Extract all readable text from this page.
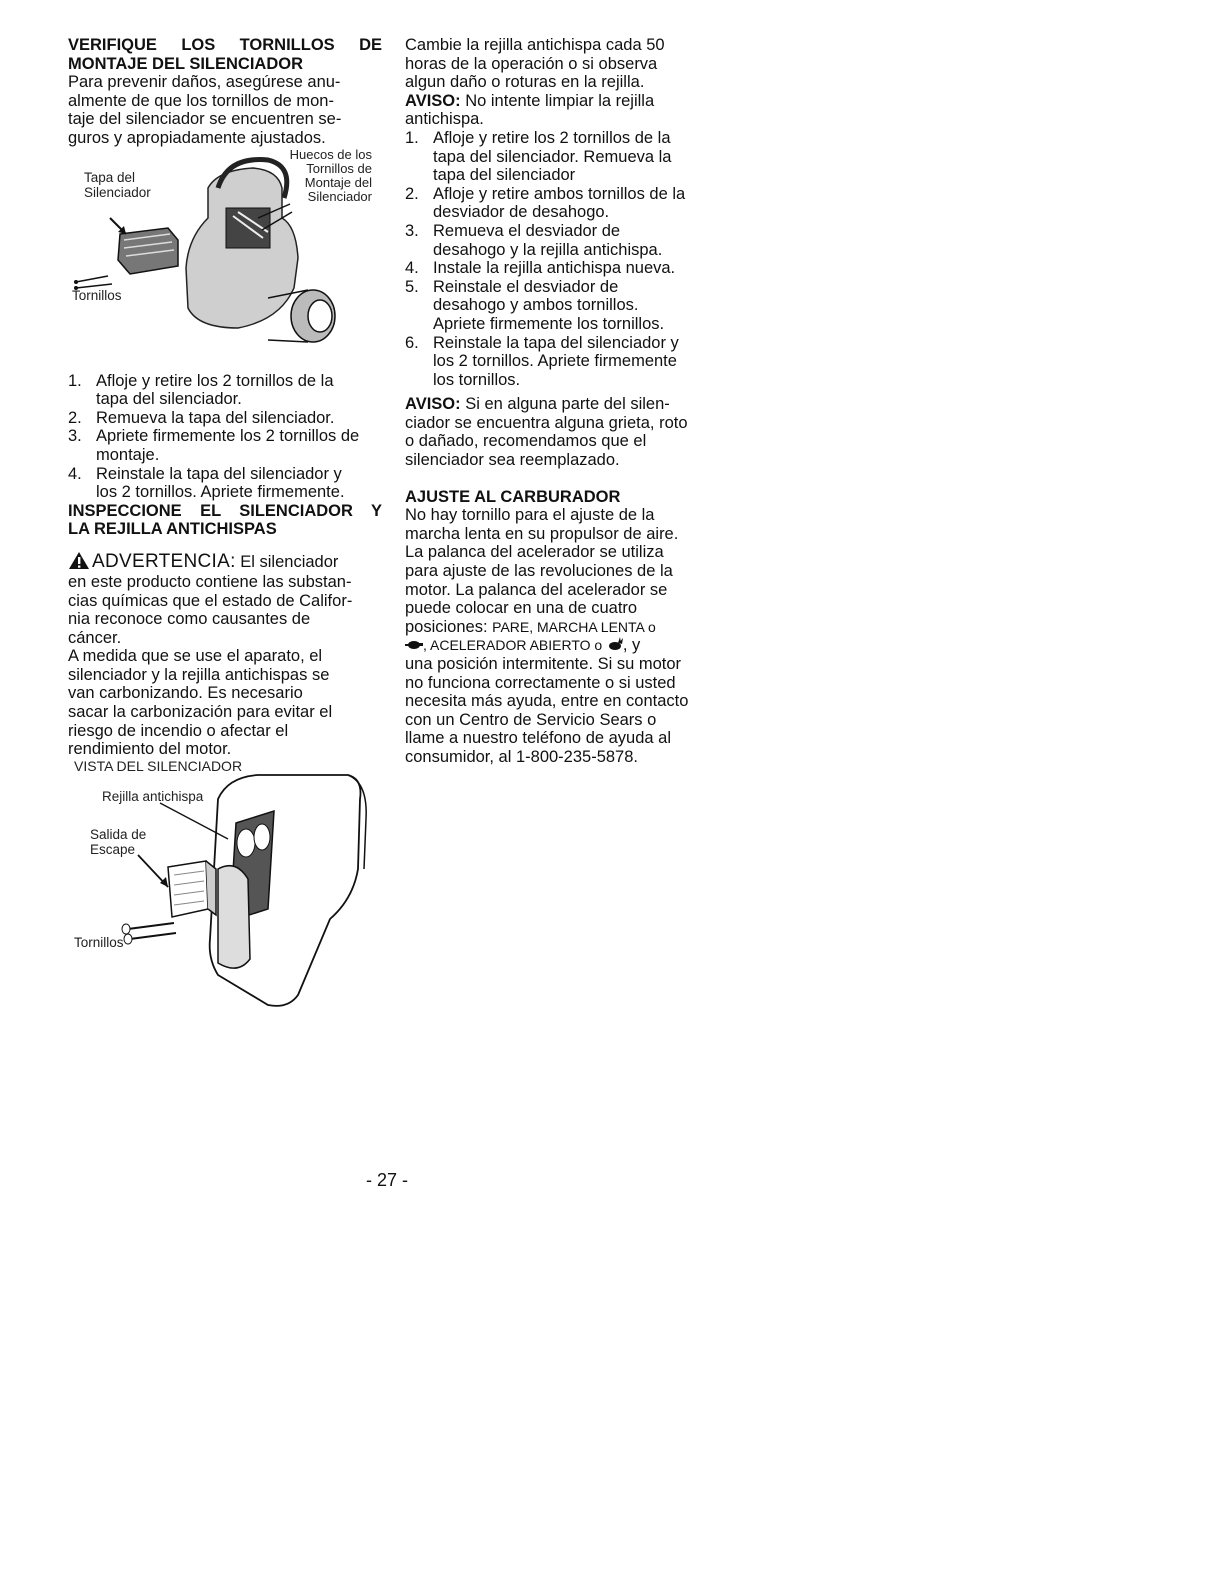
VERIFIQUE LOS TORNILLOS DE

MONTAJE DEL SILENCIADOR

Para prevenir daños, asegúrese anu-

almente de que los tornillos de mon-

taje del silenciador se encuentren se-

guros y apropiadamente ajustados.

Huecos de los
Tornillos de
Montaje del
Silenciador
Tapa del
Silenciador
Tornillos
1. Afloje y retire los 2 tornillos de la
tapa del silenciador.
2. Remueva la tapa del silenciador.
3. Apriete firmemente los 2 tornillos de
montaje.
4. Reinstale la tapa del silenciador y
los 2 tornillos. Apriete firmemente.

INSPECCIONE EL SILENCIADOR Y

LA REJILLA ANTICHISPAS

ADVERTENCIA: El silenciador

en este producto contiene las substan-

cias químicas que el estado de Califor-

nia reconoce como causantes de

cáncer.

A medida que se use el aparato, el

silenciador y la rejilla antichispas se

van carbonizando. Es necesario

sacar la carbonización para evitar el

riesgo de incendio o afectar el

rendimiento del motor.

VISTA DEL SILENCIADOR
Rejilla antichispa
Salida de
Escape
Tornillos

Cambie la rejilla antichispa cada 50

horas de la operación o si observa

algun daño o roturas en la rejilla.

AVISO: No intente limpiar la rejilla

antichispa.

1. Afloje y retire los 2 tornillos de la
tapa del silenciador. Remueva la
tapa del silenciador
2. Afloje y retire ambos tornillos de la
desviador de desahogo.
3. Remueva el desviador de
desahogo y la rejilla antichispa.
4. Instale la rejilla antichispa nueva.
5. Reinstale el desviador de
desahogo y ambos tornillos.
Apriete firmemente los tornillos.
6. Reinstale la tapa del silenciador y
los 2 tornillos. Apriete firmemente
los tornillos.

AVISO: Si en alguna parte del silen-

ciador se encuentra alguna grieta, roto

o dañado, recomendamos que el

silenciador sea reemplazado.

AJUSTE AL CARBURADOR

No hay tornillo para el ajuste de la

marcha lenta en su propulsor de aire.

La palanca del acelerador se utiliza

para ajuste de las revoluciones de la

motor. La palanca del acelerador se

puede colocar en una de cuatro

posiciones: PARE, MARCHA LENTA o

, ACELERADOR ABIERTO o , y

una posición intermitente. Si su motor

no funciona correctamente o si usted

necesita más ayuda, entre en contacto

con un Centro de Servicio Sears o

llame a nuestro teléfono de ayuda al

consumidor, al 1-800-235-5878.

- 27 -
